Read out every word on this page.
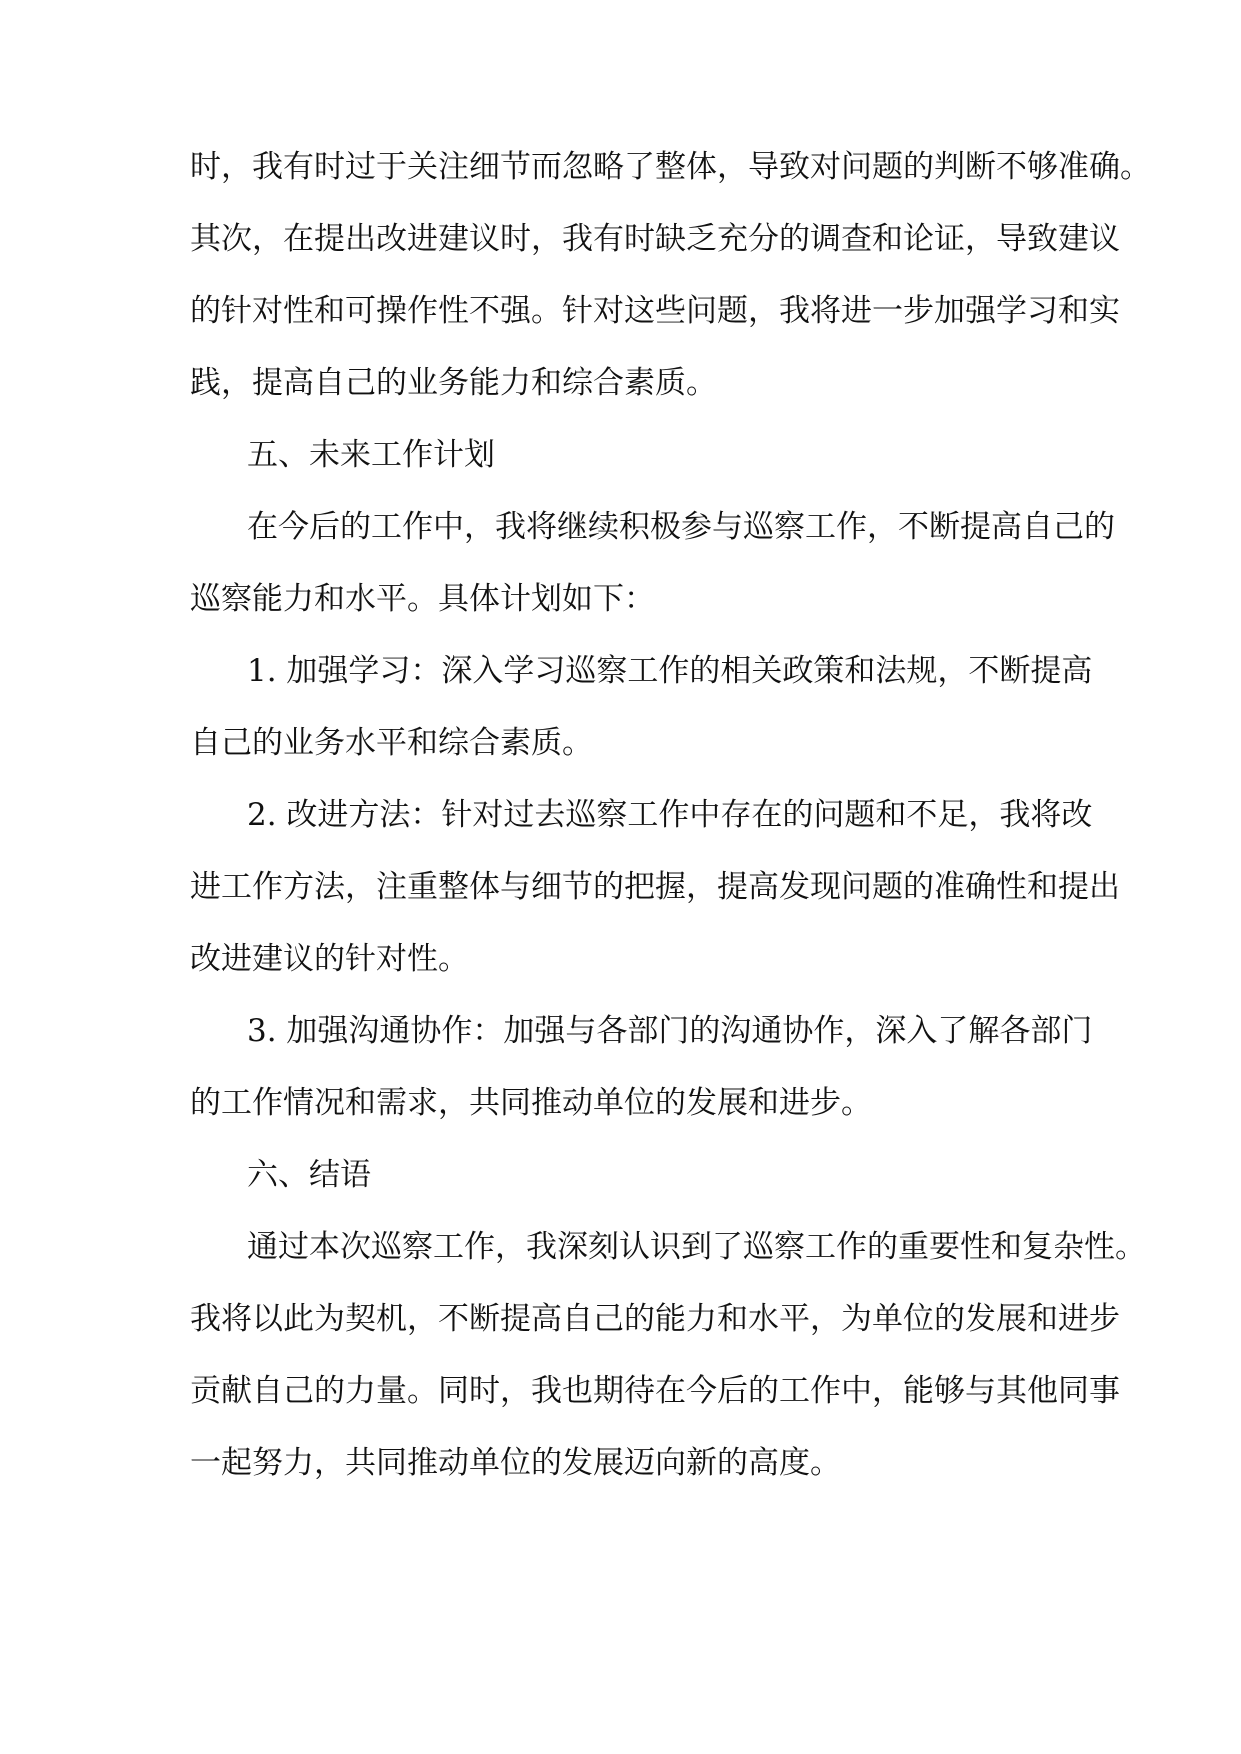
时，我有时过于关注细节而忽略了整体，导致对问题的判断不够准确。
其次，在提出改进建议时，我有时缺乏充分的调查和论证，导致建议
的针对性和可操作性不强。针对这些问题，我将进一步加强学习和实
践，提高自己的业务能力和综合素质。
五、未来工作计划
在今后的工作中，我将继续积极参与巡察工作，不断提高自己的
巡察能力和水平。具体计划如下：
1. 加强学习：深入学习巡察工作的相关政策和法规，不断提高
自己的业务水平和综合素质。
2. 改进方法：针对过去巡察工作中存在的问题和不足，我将改
进工作方法，注重整体与细节的把握，提高发现问题的准确性和提出
改进建议的针对性。
3. 加强沟通协作：加强与各部门的沟通协作，深入了解各部门
的工作情况和需求，共同推动单位的发展和进步。
六、结语
通过本次巡察工作，我深刻认识到了巡察工作的重要性和复杂性。
我将以此为契机，不断提高自己的能力和水平，为单位的发展和进步
贡献自己的力量。同时，我也期待在今后的工作中，能够与其他同事
一起努力，共同推动单位的发展迈向新的高度。
